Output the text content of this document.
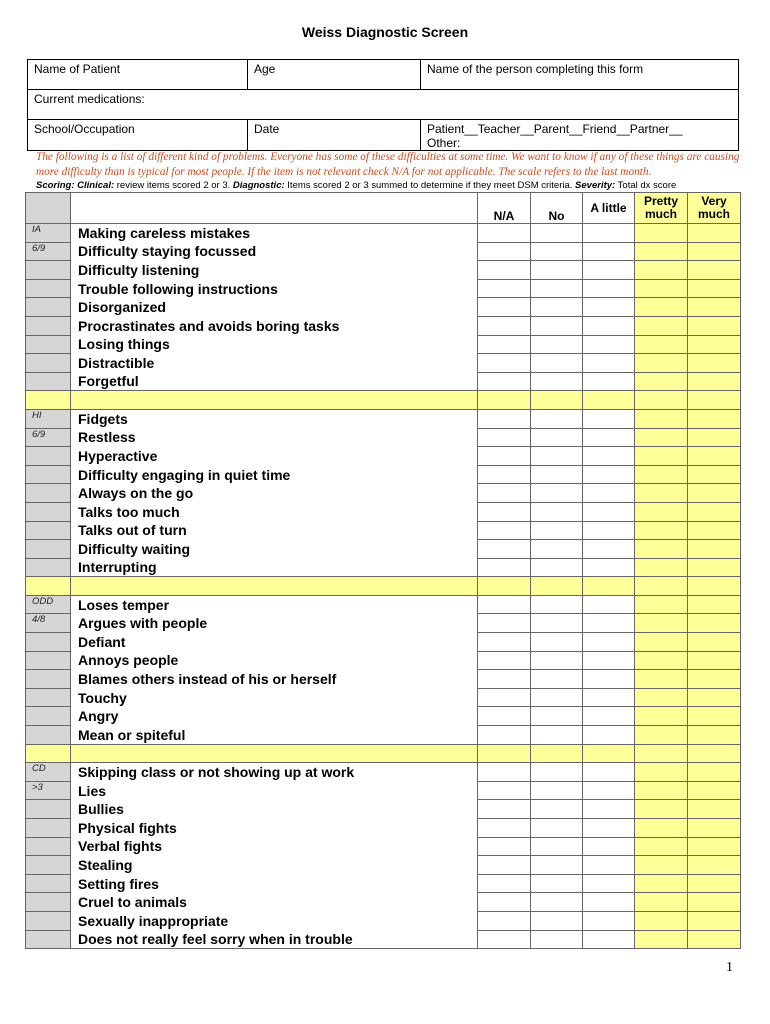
Weiss Diagnostic Screen
Name of Patient	Age	Name of the person completing this form
Current medications:		
School/Occupation	Date	Patient__Teacher__Parent__Friend__Partner__
Other:
The following is a list of different kind of problems. Everyone has some of these difficulties at some time. We want to know if any of these things are causing more difficulty than is typical for most people. If the item is not relevant check N/A for not applicable. The scale refers to the last month.
Scoring: Clinical: review items scored 2 or 3. Diagnostic: Items scored 2 or 3 summed to determine if they meet DSM criteria. Severity: Total dx score
		N/A	No	A little	Pretty much	Very much
IA	Making careless mistakes					
6/9	Difficulty staying focussed					
	Difficulty listening					
	Trouble following instructions					
	Disorganized					
	Procrastinates and avoids boring tasks					
	Losing things					
	Distractible					
	Forgetful					

HI	Fidgets					
6/9	Restless					
	Hyperactive					
	Difficulty engaging in quiet time					
	Always on the go					
	Talks too much					
	Talks out of turn					
	Difficulty waiting					
	Interrupting					

ODD	Loses temper					
4/8	Argues with people					
	Defiant					
	Annoys people					
	Blames others instead of his or herself					
	Touchy					
	Angry					
	Mean or spiteful					

CD	Skipping class or not showing up at work					
>3	Lies					
	Bullies					
	Physical fights					
	Verbal fights					
	Stealing					
	Setting fires					
	Cruel to animals					
	Sexually inappropriate					
	Does not really feel sorry when in trouble					
1
